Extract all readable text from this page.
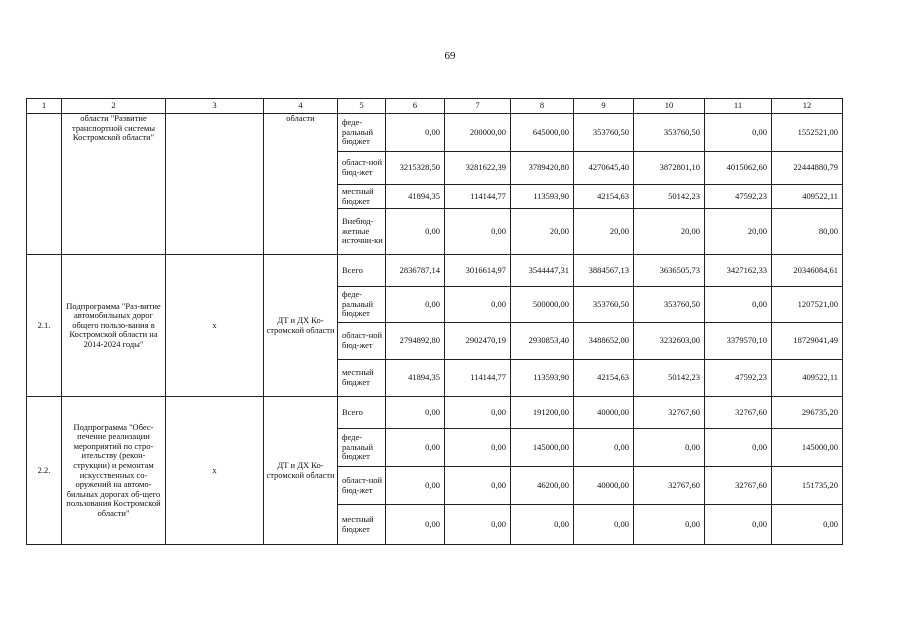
69
1	2	3	4	5	6	7	8	9	10	11	12
	области "Развитие транспортной системы Костромской области"		области	феде-ральный бюджет	0,00	200000,00	645000,00	353760,50	353760,50	0,00	1552521,00
				област-ной бюд-жет	3215328,50	3281622,39	3789420,80	4270645,40	3872801,10	4015062,60	22444880,79
				местный бюджет	41894,35	114144,77	113593,90	42154,63	50142,23	47592,23	409522,11
				Внебюд-жетные источни-ки	0,00	0,00	20,00	20,00	20,00	20,00	80,00
2.1.	Подпрограмма "Раз-витие автомобильных дорог общего пользо-вания в Костромской области на 2014-2024 годы"	х	ДТ и ДХ Ко-стромской области	Всего	2836787,14	3016614,97	3544447,31	3884567,13	3636505,73	3427162,33	20346084,61
				феде-ральный бюджет	0,00	0,00	500000,00	353760,50	353760,50	0,00	1207521,00
				област-ной бюд-жет	2794892,80	2902470,19	2930853,40	3488652,00	3232603,00	3379570,10	18729041,49
				местный бюджет	41894,35	114144,77	113593,90	42154,63	50142,23	47592,23	409522,11
2.2.	Подпрограмма "Обес-печение реализации мероприятий по стро-ительству (рекон-струкции) и ремонтам искусственных со-оружений на автомо-бильных дорогах об-щего пользования Костромской области"	х	ДТ и ДХ Ко-стромской области	Всего	0,00	0,00	191200,00	40000,00	32767,60	32767,60	296735,20
				феде-ральный бюджет	0,00	0,00	145000,00	0,00	0,00	0,00	145000,00
				област-ной бюд-жет	0,00	0,00	46200,00	40000,00	32767,60	32767,60	151735,20
				местный бюджет	0,00	0,00	0,00	0,00	0,00	0,00	0,00
